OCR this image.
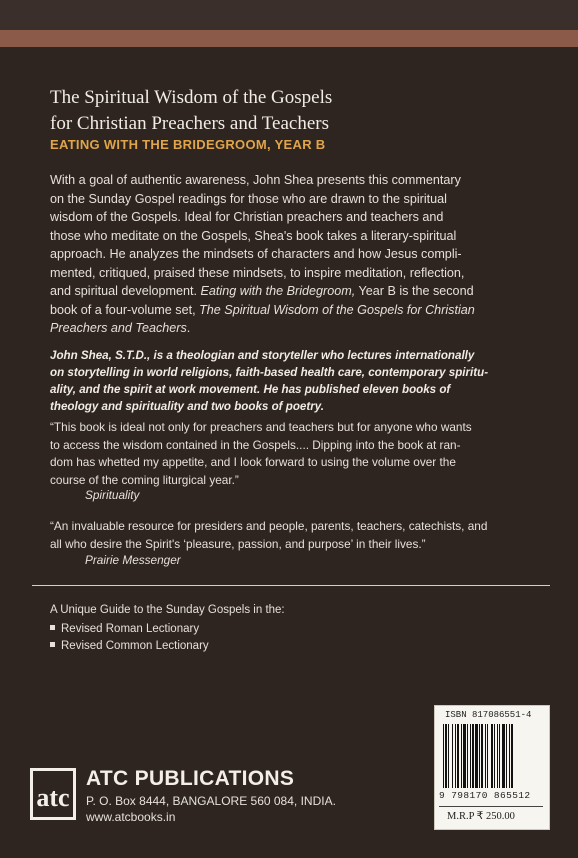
The Spiritual Wisdom of the Gospels
for Christian Preachers and Teachers
EATING WITH THE BRIDEGROOM, YEAR B
With a goal of authentic awareness, John Shea presents this commentary
on the Sunday Gospel readings for those who are drawn to the spiritual
wisdom of the Gospels. Ideal for Christian preachers and teachers and
those who meditate on the Gospels, Shea's book takes a literary-spiritual
approach. He analyzes the mindsets of characters and how Jesus compli-
mented, critiqued, praised these mindsets, to inspire meditation, reflection,
and spiritual development. Eating with the Bridegroom, Year B is the second
book of a four-volume set, The Spiritual Wisdom of the Gospels for Christian
Preachers and Teachers.
John Shea, S.T.D., is a theologian and storyteller who lectures internationally
on storytelling in world religions, faith-based health care, contemporary spiritu-
ality, and the spirit at work movement. He has published eleven books of
theology and spirituality and two books of poetry.
“This book is ideal not only for preachers and teachers but for anyone who wants
to access the wisdom contained in the Gospels.... Dipping into the book at ran-
dom has whetted my appetite, and I look forward to using the volume over the
course of the coming liturgical year.”
Spirituality
“An invaluable resource for presiders and people, parents, teachers, catechists, and
all who desire the Spirit's ‘pleasure, passion, and purpose’ in their lives.”
Prairie Messenger
A Unique Guide to the Sunday Gospels in the:
Revised Roman Lectionary
Revised Common Lectionary
atc
ATC PUBLICATIONS
P. O. Box 8444, BANGALORE 560 084, INDIA.
www.atcbooks.in
ISBN 817086551-4
9 798170 865512
M.R.P ₹ 250.00
